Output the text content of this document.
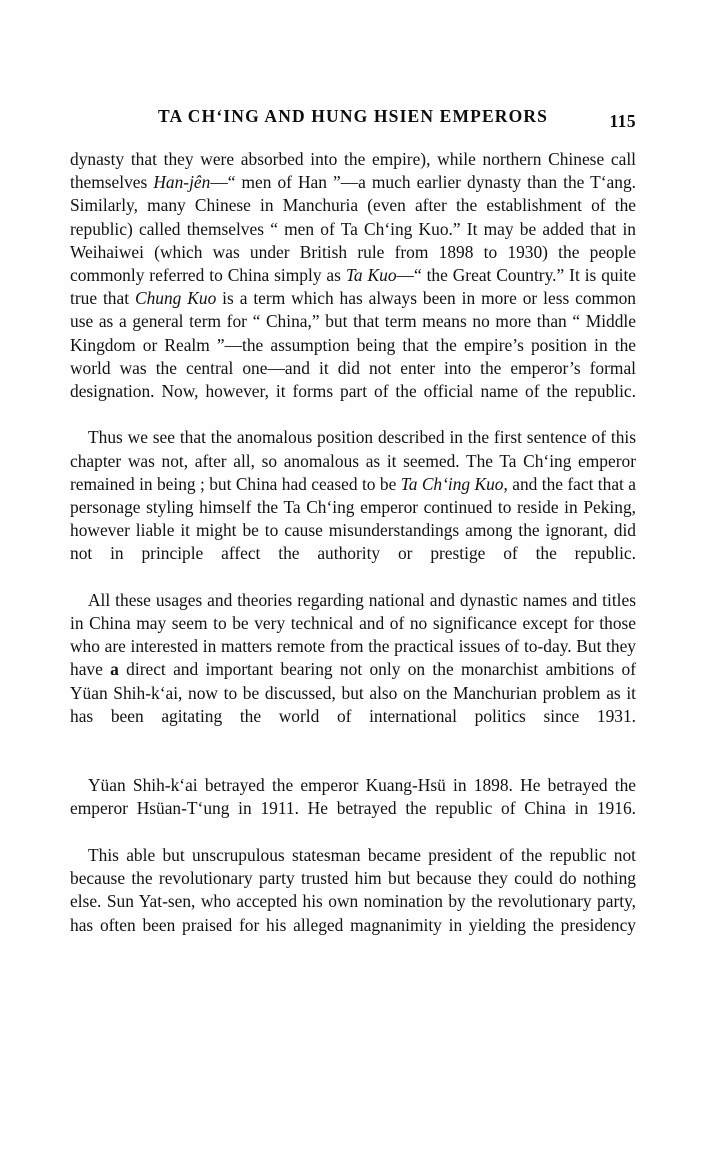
TA CH‘ING AND HUNG HSIEN EMPERORS	115

dynasty that they were absorbed into the empire), while northern Chinese call themselves Han-jên—“ men of Han ”—a much earlier dynasty than the T‘ang. Similarly, many Chinese in Manchuria (even after the establishment of the republic) called themselves “ men of Ta Ch‘ing Kuo.” It may be added that in Weihaiwei (which was under British rule from 1898 to 1930) the people commonly referred to China simply as Ta Kuo—“ the Great Country.” It is quite true that Chung Kuo is a term which has always been in more or less common use as a general term for “ China,” but that term means no more than “ Middle Kingdom or Realm ”—the assumption being that the empire’s position in the world was the central one—and it did not enter into the emperor’s formal designation. Now, however, it forms part of the official name of the republic.

Thus we see that the anomalous position described in the first sentence of this chapter was not, after all, so anomalous as it seemed. The Ta Ch‘ing emperor remained in being ; but China had ceased to be Ta Ch‘ing Kuo, and the fact that a personage styling himself the Ta Ch‘ing emperor continued to reside in Peking, however liable it might be to cause misunderstandings among the ignorant, did not in principle affect the authority or prestige of the republic.

All these usages and theories regarding national and dynastic names and titles in China may seem to be very technical and of no significance except for those who are interested in matters remote from the practical issues of to-day. But they have a direct and important bearing not only on the monarchist ambitions of Yüan Shih-k‘ai, now to be discussed, but also on the Manchurian problem as it has been agitating the world of international politics since 1931.

Yüan Shih-k‘ai betrayed the emperor Kuang-Hsü in 1898. He betrayed the emperor Hsüan-T‘ung in 1911. He betrayed the republic of China in 1916.

This able but unscrupulous statesman became president of the republic not because the revolutionary party trusted him but because they could do nothing else. Sun Yat-sen, who accepted his own nomination by the revolutionary party, has often been praised for his alleged magnanimity in yielding the presidency
